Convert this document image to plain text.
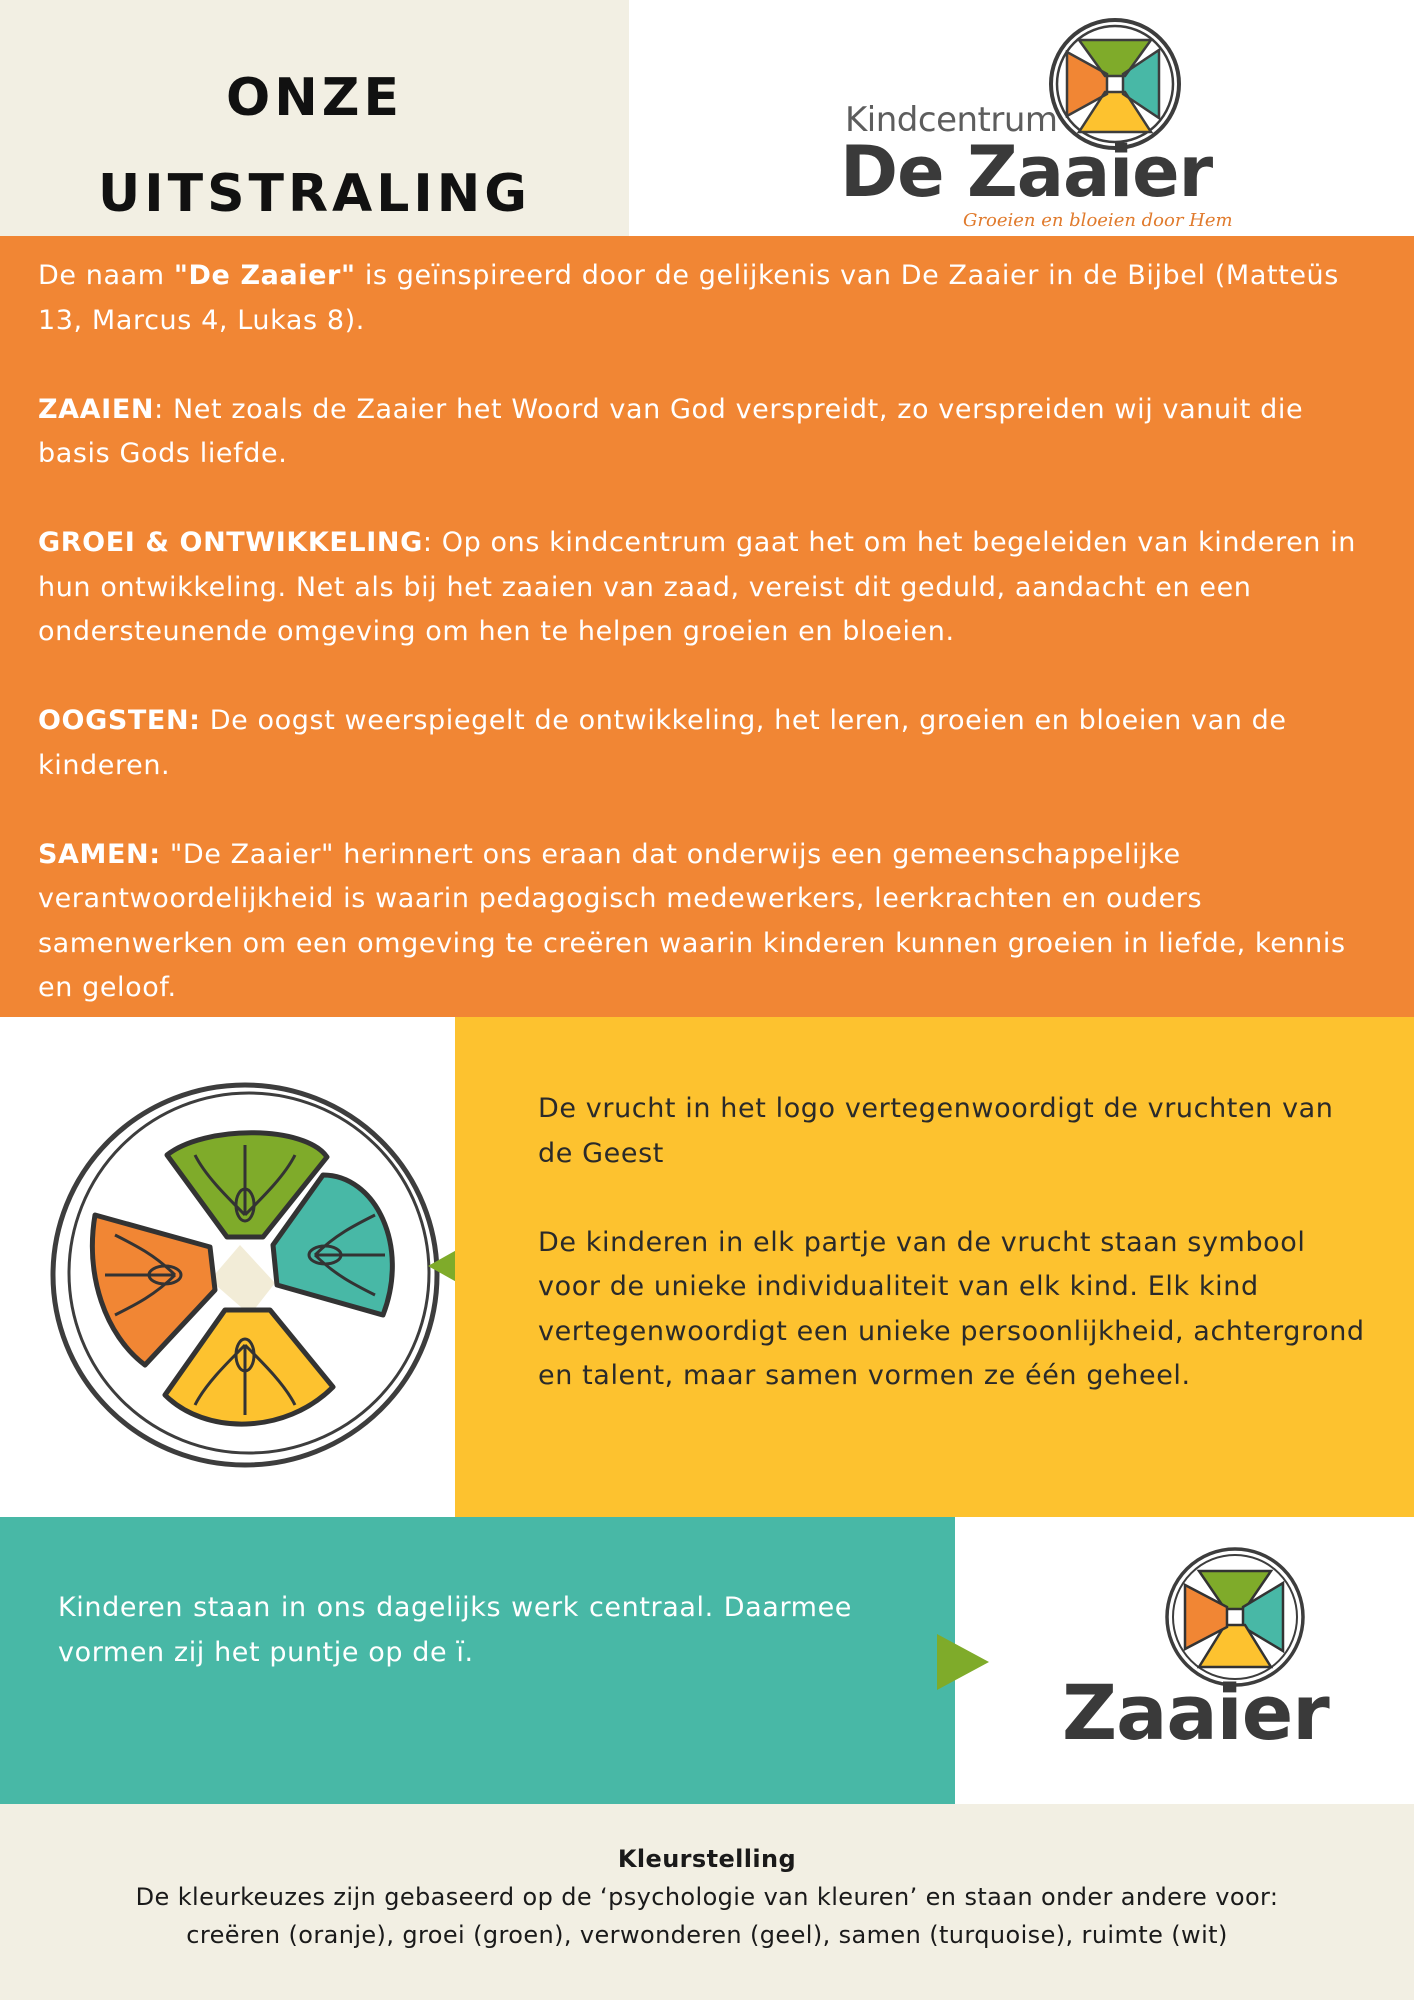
ONZE
UITSTRALING
Kindcentrum
De Zaaier
Groeien en bloeien door Hem

De naam "De Zaaier" is geïnspireerd door de gelijkenis van De Zaaier in de Bijbel (Matteüs 13, Marcus 4, Lukas 8).

ZAAIEN: Net zoals de Zaaier het Woord van God verspreidt, zo verspreiden wij vanuit die basis Gods liefde.

GROEI & ONTWIKKELING: Op ons kindcentrum gaat het om het begeleiden van kinderen in hun ontwikkeling. Net als bij het zaaien van zaad, vereist dit geduld, aandacht en een ondersteunende omgeving om hen te helpen groeien en bloeien.

OOGSTEN: De oogst weerspiegelt de ontwikkeling, het leren, groeien en bloeien van de kinderen.

SAMEN: "De Zaaier" herinnert ons eraan dat onderwijs een gemeenschappelijke verantwoordelijkheid is waarin pedagogisch medewerkers, leerkrachten en ouders samenwerken om een omgeving te creëren waarin kinderen kunnen groeien in liefde, kennis en geloof.

De vrucht in het logo vertegenwoordigt de vruchten van de Geest

De kinderen in elk partje van de vrucht staan symbool voor de unieke individualiteit van elk kind. Elk kind vertegenwoordigt een unieke persoonlijkheid, achtergrond en talent, maar samen vormen ze één geheel.

Kinderen staan in ons dagelijks werk centraal. Daarmee vormen zij het puntje op de ï.

Zaaier
Kleurstelling
De kleurkeuzes zijn gebaseerd op de ‘psychologie van kleuren’ en staan onder andere voor:
creëren (oranje), groei (groen), verwonderen (geel), samen (turquoise), ruimte (wit)
